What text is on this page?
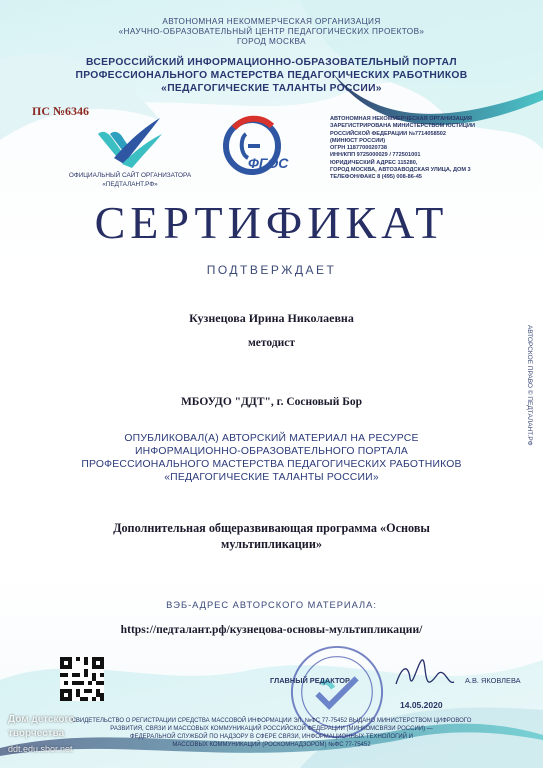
АВТОНОМНАЯ НЕКОММЕРЧЕСКАЯ ОРГАНИЗАЦИЯ

«НАУЧНО-ОБРАЗОВАТЕЛЬНЫЙ ЦЕНТР ПЕДАГОГИЧЕСКИХ ПРОЕКТОВ»

ГОРОД МОСКВА

ВСЕРОССИЙСКИЙ ИНФОРМАЦИОННО-ОБРАЗОВАТЕЛЬНЫЙ ПОРТАЛ

ПРОФЕССИОНАЛЬНОГО МАСТЕРСТВА ПЕДАГОГИЧЕСКИХ РАБОТНИКОВ

«ПЕДАГОГИЧЕСКИЕ ТАЛАНТЫ РОССИИ»

ПС №6346

ОФИЦИАЛЬНЫЙ САЙТ ОРГАНИЗАТОРА

«ПЕДТАЛАНТ.РФ»

ФГОС

АВТОНОМНАЯ НЕКОММЕРЧЕСКАЯ ОРГАНИЗАЦИЯ
ЗАРЕГИСТРИРОВАНА МИНИСТЕРСТВОМ ЮСТИЦИИ
РОССИЙСКОЙ ФЕДЕРАЦИИ №7714058502
(МИНЮСТ РОССИИ)
ОГРН 1187700020738
ИНН/КПП 9725000029 / 772501001
ЮРИДИЧЕСКИЙ АДРЕС 115280,
ГОРОД МОСКВА, АВТОЗАВОДСКАЯ УЛИЦА, ДОМ 3
ТЕЛЕФОН/ФАКС 8 (495) 008-86-45

СЕРТИФИКАТ

ПОДТВЕРЖДАЕТ

Кузнецова Ирина Николаевна

методист

МБОУДО "ДДТ", г. Сосновый Бор

ОПУБЛИКОВАЛ(А) АВТОРСКИЙ МАТЕРИАЛ НА РЕСУРСЕ

ИНФОРМАЦИОННО-ОБРАЗОВАТЕЛЬНОГО ПОРТАЛА

ПРОФЕССИОНАЛЬНОГО МАСТЕРСТВА ПЕДАГОГИЧЕСКИХ РАБОТНИКОВ

«ПЕДАГОГИЧЕСКИЕ ТАЛАНТЫ РОССИИ»

Дополнительная общеразвивающая программа «Основы

мультипликации»

ВЭБ-АДРЕС АВТОРСКОГО МАТЕРИАЛА:

https://педталант.рф/кузнецова-основы-мультипликации/

ГЛАВНЫЙ РЕДАКТОР	А.В. ЯКОВЛЕВА

14.05.2020

СВИДЕТЕЛЬСТВО О РЕГИСТРАЦИИ СРЕДСТВА МАССОВОЙ ИНФОРМАЦИИ ЭЛ. №ФС 77-75452 ВЫДАНО МИНИСТЕРСТВОМ ЦИФРОВОГО

РАЗВИТИЯ, СВЯЗИ И МАССОВЫХ КОММУНИКАЦИЙ РОССИЙСКОЙ ФЕДЕРАЦИИ (МИНКОМСВЯЗИ РОССИИ) —

ФЕДЕРАЛЬНОЙ СЛУЖБОЙ ПО НАДЗОРУ В СФЕРЕ СВЯЗИ, ИНФОРМАЦИОННЫХ ТЕХНОЛОГИЙ И

МАССОВЫХ КОММУНИКАЦИЙ (РОСКОМНАДЗОРОМ) №ФС 77-75452

АВТОРСКОЕ ПРАВО © ПЕДТАЛАНТ.РФ

Дом детского

творчества

ddt.edu.sbor.net
